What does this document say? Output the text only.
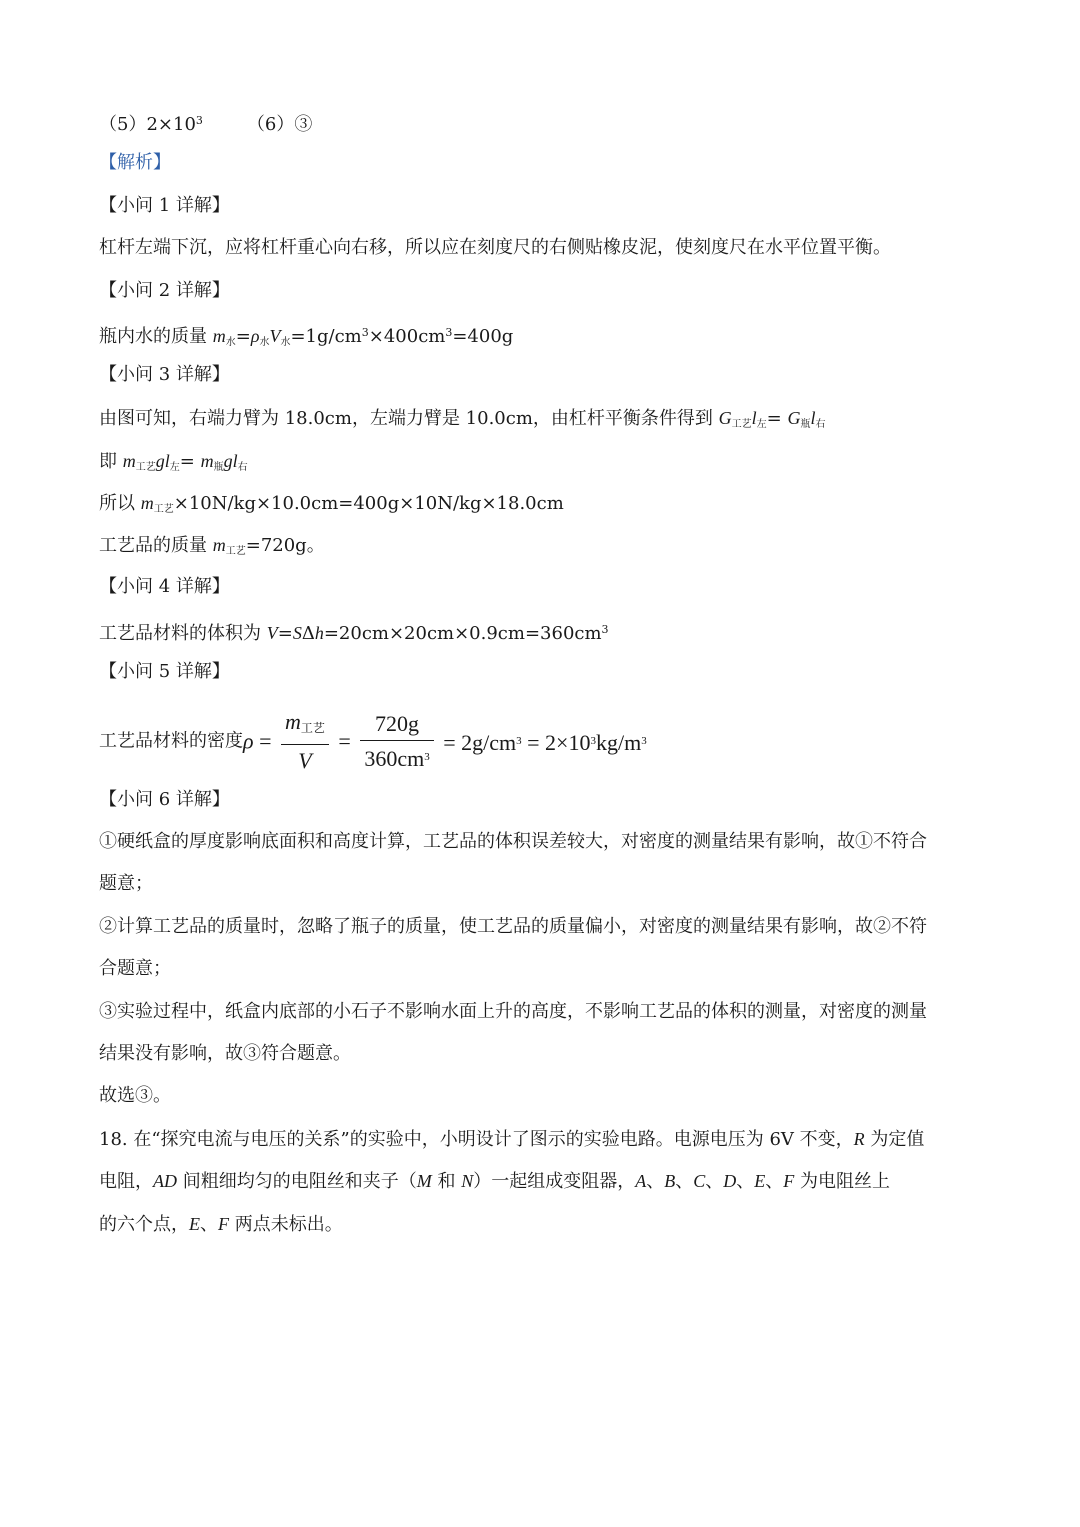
$(5)2\times 10^3$ （6）③
【解析】
【小问 1 详解】
杠杆左端下沉，应将杠杆重心向右移，所以应在刻度尺的右侧贴橡皮泥，使刻度尺在水平位置平衡。
【小问 2 详解】
瓶内水的质量 $m_水=\rho_水V_水=1g/cm^3\times 400cm^3=400g$
【小问 3 详解】
由图可知，右端力臂为 18.0cm，左端力臂是 10.0cm，由杠杆平衡条件得到 $G_{工艺}l_左= G_瓶l_右$
即 $m_{工艺}gl_左= m_瓶gl_右$
所以 $m_{工艺}\times 10N/kg\times 10.0cm=400g\times 10N/kg\times 18.0cm$
工艺品的质量 $m_{工艺}=720g$。
【小问 4 详解】
工艺品材料的体积为 $V=S\Delta h=20cm\times 20cm\times 0.9cm=360cm^3$
【小问 5 详解】
工艺品材料的密度$\rho = \frac{m_{工艺}}{V} = \frac{720g}{360cm^3} = 2g/cm^3 = 2\times 10^3kg/m^3$
【小问 6 详解】
①硬纸盒的厚度影响底面积和高度计算，工艺品的体积误差较大，对密度的测量结果有影响，故①不符合
题意；
②计算工艺品的质量时，忽略了瓶子的质量，使工艺品的质量偏小，对密度的测量结果有影响，故②不符
合题意；
③实验过程中，纸盒内底部的小石子不影响水面上升的高度，不影响工艺品的体积的测量，对密度的测量
结果没有影响，故③符合题意。
故选③。
18. 在“探究电流与电压的关系”的实验中，小明设计了图示的实验电路。电源电压为 6V 不变，R 为定值
电阻，AD 间粗细均匀的电阻丝和夹子（M 和 N）一起组成变阻器，A、B、C、D、E、F 为电阻丝上
的六个点，E、F 两点未标出。
